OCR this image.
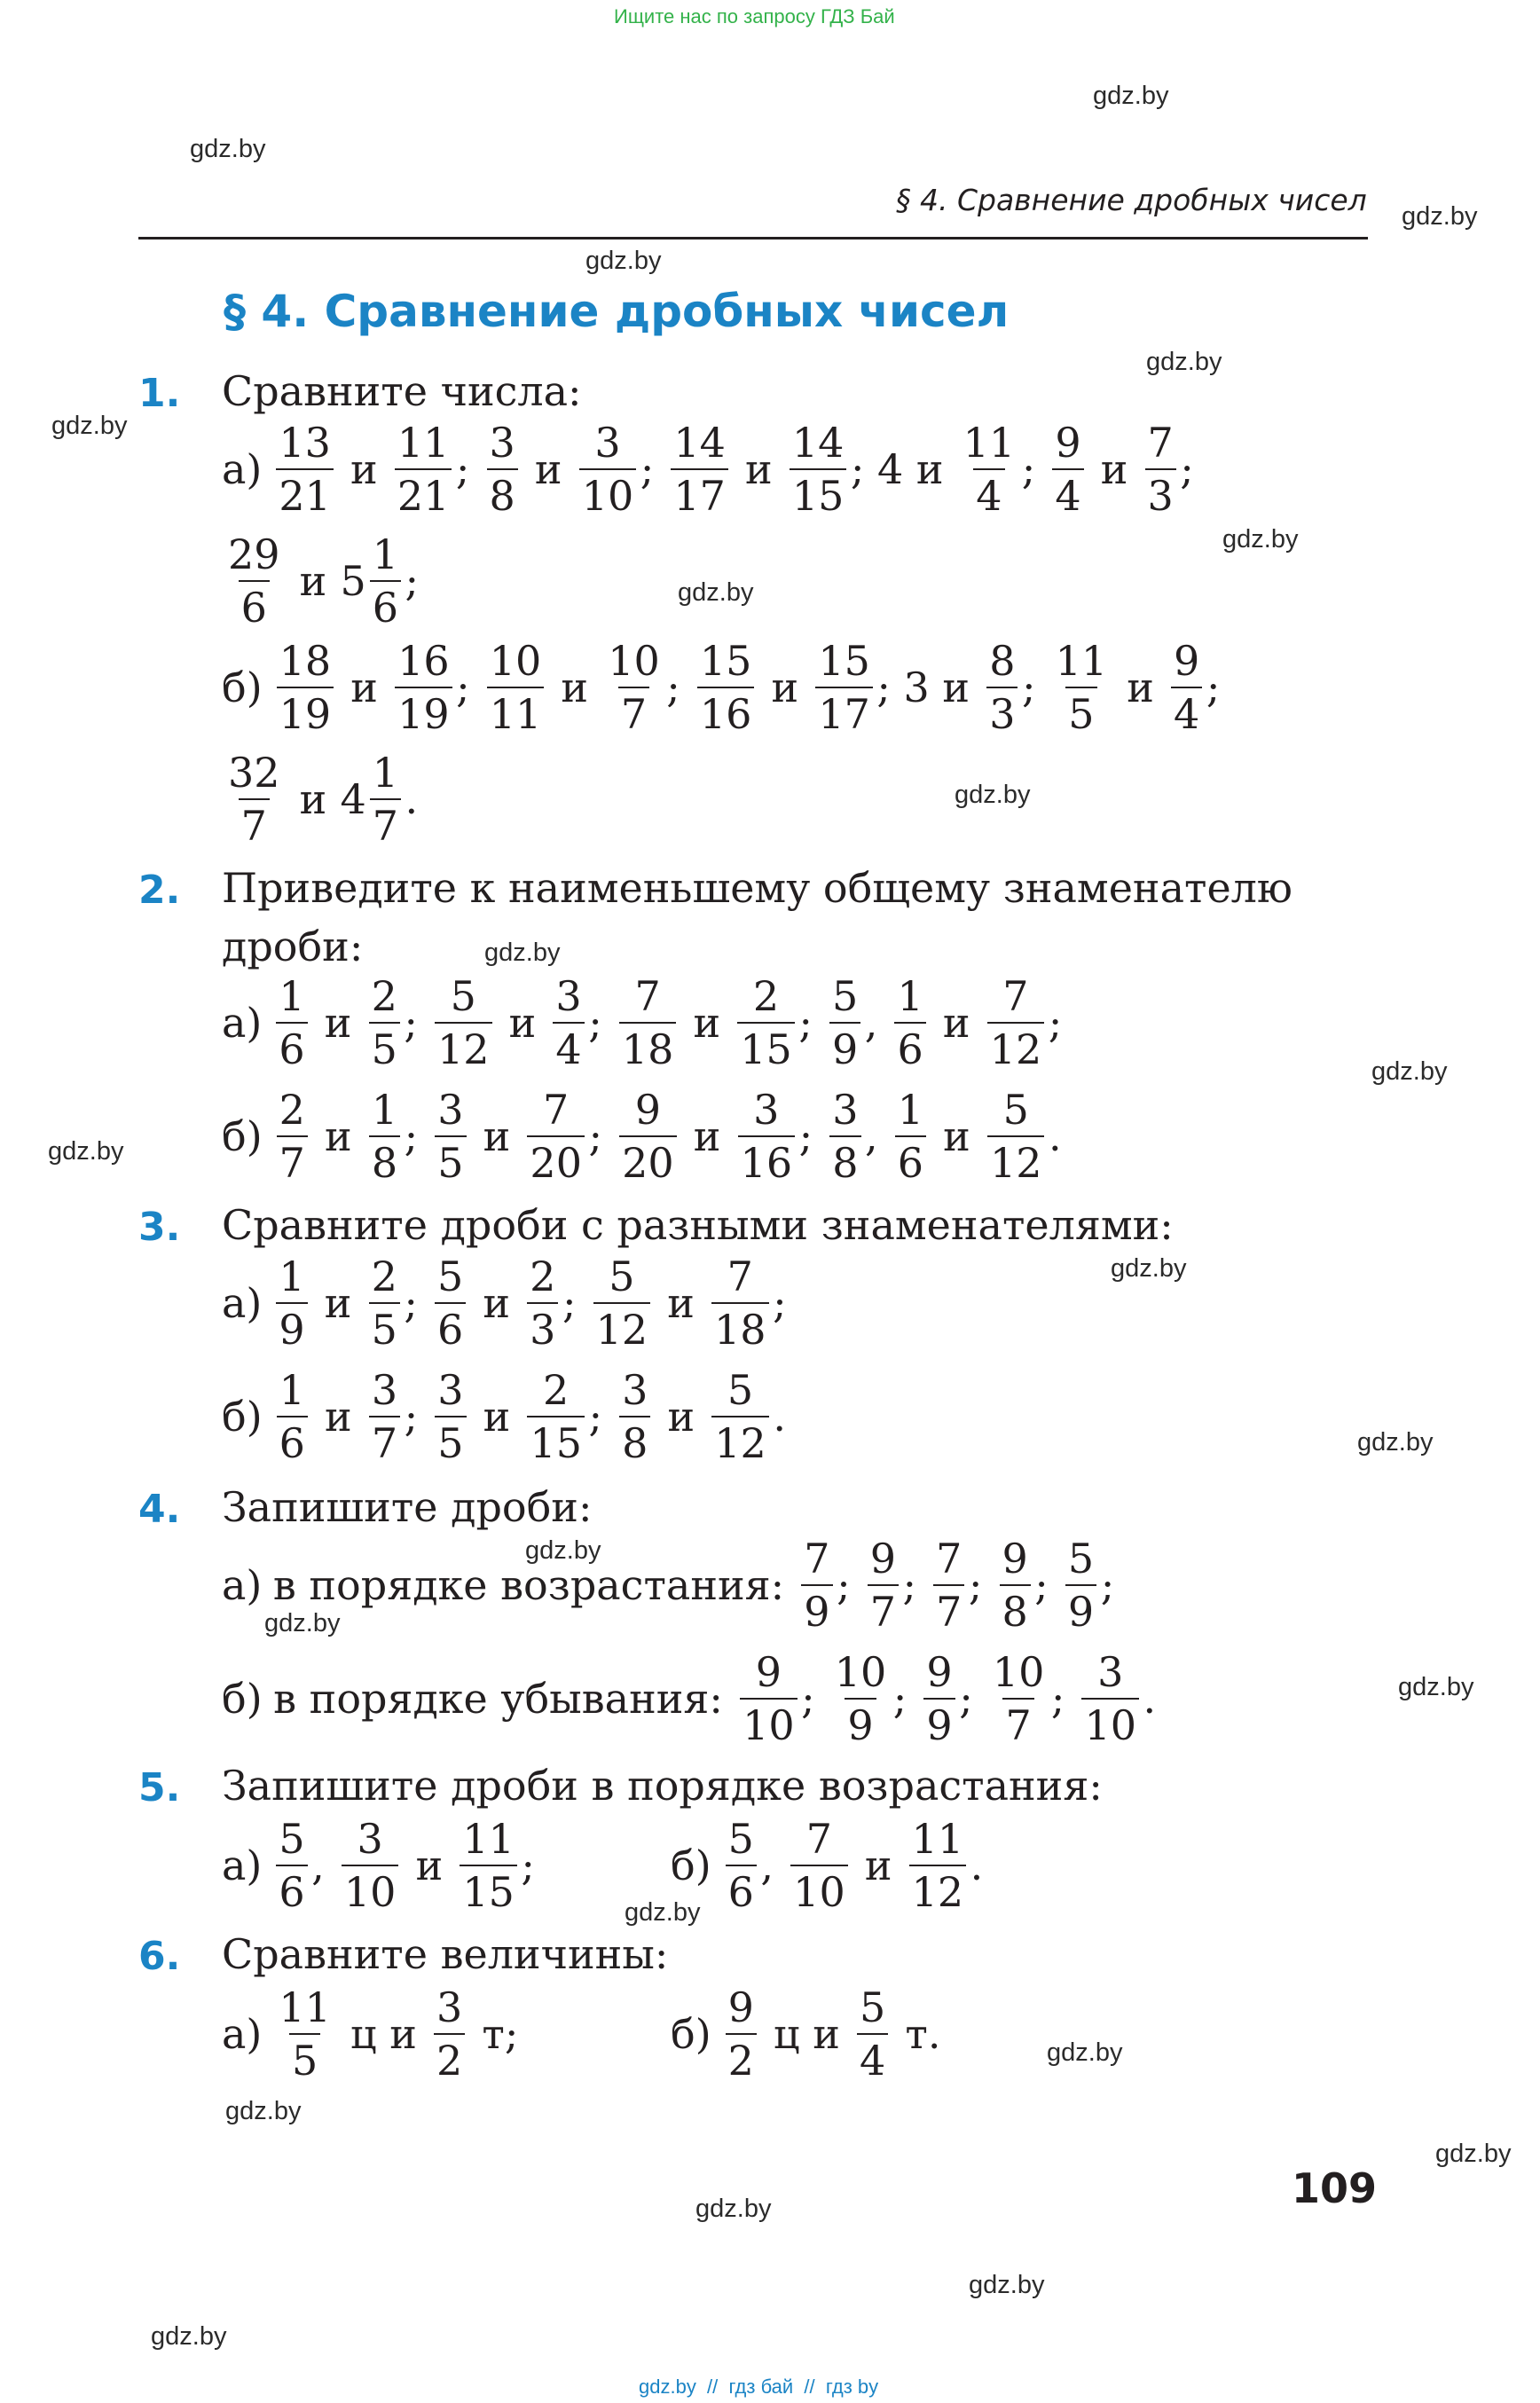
Ищите нас по запросу ГДЗ Бай
§ 4. Сравнение дробных чисел
§ 4. Сравнение дробных чисел
1. Сравните числа:
2. Приведите к наименьшему общему знаменателю
дроби:
3. Сравните дроби с разными знаменателями:
4. Запишите дроби:
5. Запишите дроби в порядке возрастания:
6. Сравните величины:
$а) \frac{13}{21}$ и $\frac{11}{21}$ ; $\frac{3}{8}$ и $\frac{3}{10}$ ; $\frac{14}{17}$ и $\frac{14}{15}$ ; 4 и $\frac{11}{4}$ ; $\frac{9}{4}$ и $\frac{7}{3}$ ;
$\frac{29}{6}$ и $5 \frac{1}{6}$ ;
$б) \frac{18}{19}$ и $\frac{16}{19}$ ; $\frac{10}{11}$ и $\frac{10}{7}$ ; $\frac{15}{16}$ и $\frac{15}{17}$ ; 3 и $\frac{8}{3}$ ; $\frac{11}{5}$ и $\frac{9}{4}$ ;
$\frac{32}{7}$ и $4 \frac{1}{7}$ .
$а) \frac{1}{6}$ и $\frac{2}{5}$ ; $\frac{5}{12}$ и $\frac{3}{4}$ ; $\frac{7}{18}$ и $\frac{2}{15}$ ; $\frac{5}{9}$ , $\frac{1}{6}$ и $\frac{7}{12}$ ;
$б) \frac{2}{7}$ и $\frac{1}{8}$ ; $\frac{3}{5}$ и $\frac{7}{20}$ ; $\frac{9}{20}$ и $\frac{3}{16}$ ; $\frac{3}{8}$ , $\frac{1}{6}$ и $\frac{5}{12}$ .
$а) \frac{1}{9}$ и $\frac{2}{5}$ ; $\frac{5}{6}$ и $\frac{2}{3}$ ; $\frac{5}{12}$ и $\frac{7}{18}$ ;
$б) \frac{1}{6}$ и $\frac{3}{7}$ ; $\frac{3}{5}$ и $\frac{2}{15}$ ; $\frac{3}{8}$ и $\frac{5}{12}$ .
а) в порядке возрастания: $\frac{7}{9}$ ; $\frac{9}{7}$ ; $\frac{7}{7}$ ; $\frac{9}{8}$ ; $\frac{5}{9}$ ;
б) в порядке убывания: $\frac{9}{10}$ ; $\frac{10}{9}$ ; $\frac{9}{9}$ ; $\frac{10}{7}$ ; $\frac{3}{10}$ .
$а) \frac{5}{6}$ , $\frac{3}{10}$ и $\frac{11}{15}$ ;	$б) \frac{5}{6}$ , $\frac{7}{10}$ и $\frac{11}{12}$ .
$а) \frac{11}{5}$ ц и $\frac{3}{2} т$;	$б) \frac{9}{2}$ ц и $\frac{5}{4} т$.
gdz.by
gdz.by
gdz.by
gdz.by
gdz.by
gdz.by
gdz.by
gdz.by
gdz.by
gdz.by
gdz.by
gdz.by
gdz.by
gdz.by
gdz.by
gdz.by
gdz.by
gdz.by
gdz.by
gdz.by
gdz.by
gdz.by
gdz.by
gdz.by
109
gdz.by  //  гдз бай  //  гдз by
